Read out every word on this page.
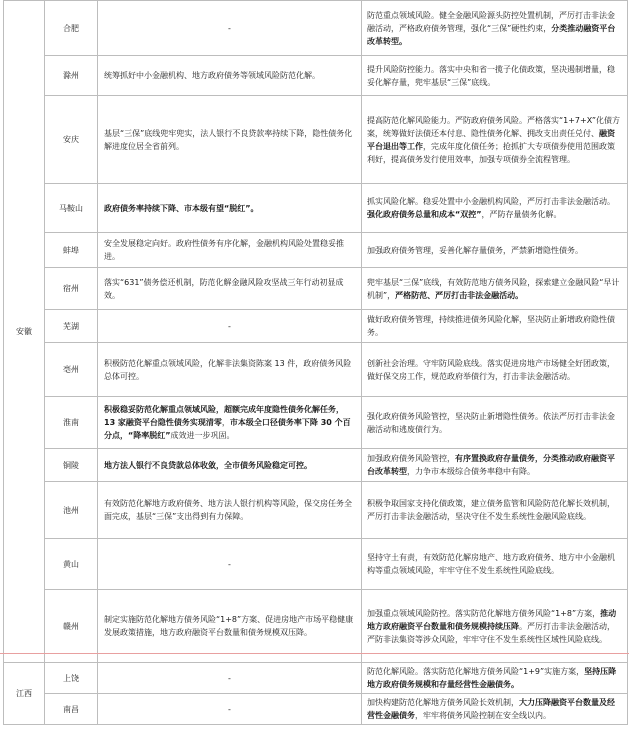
安徽	合肥	-	防范重点领域风险。健全金融风险源头防控处置机制，严厉打击非法金融活动，严格政府债务管理，强化“三保”硬性约束，分类推动融资平台改革转型。
	滁州	统筹抓好中小金融机构、地方政府债务等领域风险防范化解。	提升风险防控能力。落实中央和省一揽子化债政策，坚决遏制增量，稳妥化解存量，兜牢基层“三保”底线。
	安庆	基层“三保”底线兜牢兜实，法人银行不良贷款率持续下降，隐性债务化解进度位居全省前列。	提高防范化解风险能力。严防政府债务风险。严格落实“1+7+X”化债方案，统筹做好法债还本付息、隐性债务化解、拥改支出责任兑付、融资平台退出等工作，完成年度化债任务；抢抓扩大专项债券使用范围政策利好，提高债务发行使用效率，加强专项债券全流程管理。
	马鞍山	政府债务率持续下降、市本级有望“脱红”。	抓实风险化解。稳妥处置中小金融机构风险，严厉打击非法金融活动。强化政府债务总量和成本“双控”，严防存量债务化解。
	蚌埠	安全发展稳定向好。政府性债务有序化解，金融机构风险处置稳妥推进。	加强政府债务管理，妥善化解存量债务，严禁新增隐性债务。
	宿州	落实“631”债务偿还机制，防范化解金融风险攻坚战三年行动初显成效。	兜牢基层“三保”底线，有效防范地方债务风险，探索建立金融风险“早计机制”，严格防范、严厉打击非法金融活动。
	芜湖	-	做好政府债务管理，持续推进债务风险化解，坚决防止新增政府隐性债务。
	亳州	积极防范化解重点领域风险，化解非法集资陈案 13 件，政府债务风险总体可控。	创新社会治理。守牢防风险底线。落实促进房地产市场健全好团政策，做好保交房工作，规范政府举债行为，打击非法金融活动。
	淮南	积极稳妥防范化解重点领域风险，超额完成年度隐性债务化解任务，13 家融资平台隐性债务实现清零，市本级全口径债务率下降 30 个百分点，“降率脱红”成效进一步巩固。	强化政府债务风险管控，坚决防止新增隐性债务。依法严厉打击非法金融活动和逃废债行为。
	铜陵	地方法人银行不良贷款总体收敛，全市债务风险稳定可控。	加强政府债务风险管控，有序置换政府存量债务，分类推动政府融资平台改革转型，力争市本级综合债务率稳中有降。
	池州	有效防范化解地方政府债务、地方法人银行机构等风险，保交房任务全面完成，基层“三保”支出得到有力保障。	积极争取国家支持化债政策，建立债务监管和风险防范化解长效机制，严厉打击非法金融活动，坚决守住不发生系统性金融风险底线。
	黄山	-	坚持守土有责，有效防范化解房地产、地方政府债务、地方中小金融机构等重点领域风险，牢牢守住不发生系统性风险底线。
	赣州	制定实施防范化解地方债务风险“1+8”方案、促进房地产市场平稳健康发展政策措施，地方政府融资平台数量和债务规模双压降。	加强重点领域风险防控。落实防范化解地方债务风险“1+8”方案，推动地方政府融资平台数量和债务规模持续压降。严厉打击非法金融活动，严防非法集资等涉众风险，牢牢守住不发生系统性区域性风险底线。
江西	上饶	-	防范化解风险。落实防范化解地方债务风险“1+9”实施方案，坚持压降地方政府债务规模和存量经营性金融债务。
	南昌	-	加快构建防范化解地方债务风险长效机制，大力压降融资平台数量及经营性金融债务，牢牢将债务风险控制在安全线以内。
